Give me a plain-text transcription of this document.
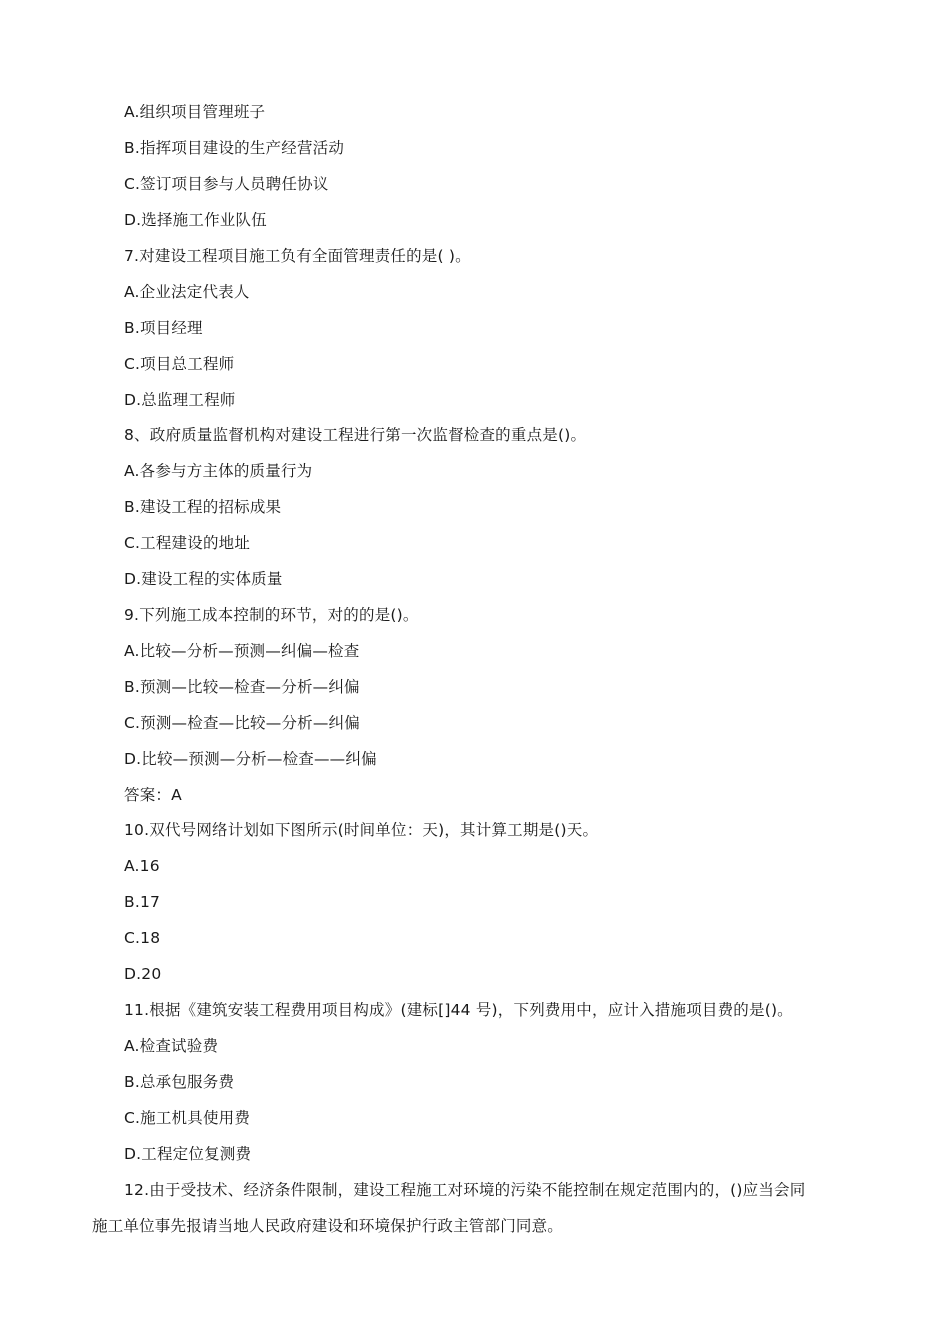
A.组织项目管理班子
B.指挥项目建设的生产经营活动
C.签订项目参与人员聘任协议
D.选择施工作业队伍
7.对建设工程项目施工负有全面管理责任的是( )。
A.企业法定代表人
B.项目经理
C.项目总工程师
D.总监理工程师
8、政府质量监督机构对建设工程进行第一次监督检查的重点是()。
A.各参与方主体的质量行为
B.建设工程的招标成果
C.工程建设的地址
D.建设工程的实体质量
9.下列施工成本控制的环节，对的的是()。
A.比较—分析—预测—纠偏—检查
B.预测—比较—检查—分析—纠偏
C.预测—检查—比较—分析—纠偏
D.比较—预测—分析—检查——纠偏
答案：A
10.双代号网络计划如下图所示(时间单位：天)，其计算工期是()天。
A.16
B.17
C.18
D.20
11.根据《建筑安装工程费用项目构成》(建标[]44 号)，下列费用中，应计入措施项目费的是()。
A.检查试验费
B.总承包服务费
C.施工机具使用费
D.工程定位复测费
12.由于受技术、经济条件限制，建设工程施工对环境的污染不能控制在规定范围内的，()应当会同
施工单位事先报请当地人民政府建设和环境保护行政主管部门同意。
